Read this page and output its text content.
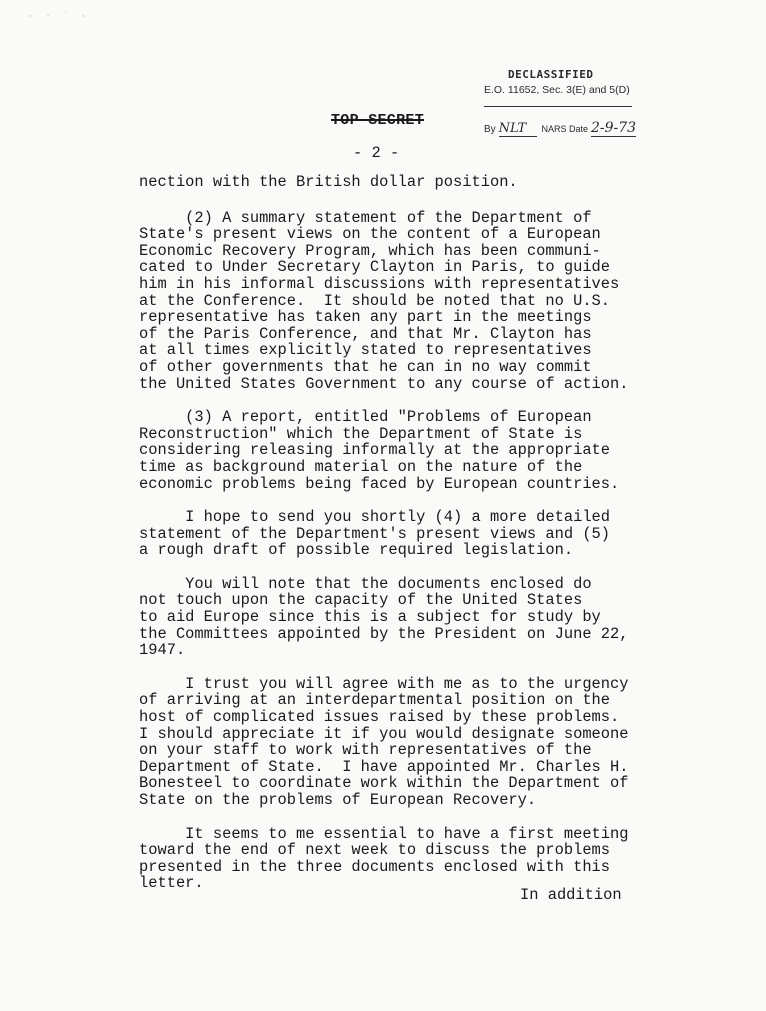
· · ˙ ·
DECLASSIFIED
E.O. 11652, Sec. 3(E) and 5(D)
By NLT NARS Date 2-9-73
TOP SECRET
- 2 -
nection with the British dollar position.
(2) A summary statement of the Department of
State's present views on the content of a European
Economic Recovery Program, which has been communi-
cated to Under Secretary Clayton in Paris, to guide
him in his informal discussions with representatives
at the Conference.  It should be noted that no U.S.
representative has taken any part in the meetings
of the Paris Conference, and that Mr. Clayton has
at all times explicitly stated to representatives
of other governments that he can in no way commit
the United States Government to any course of action.
(3) A report, entitled "Problems of European
Reconstruction" which the Department of State is
considering releasing informally at the appropriate
time as background material on the nature of the
economic problems being faced by European countries.
I hope to send you shortly (4) a more detailed
statement of the Department's present views and (5)
a rough draft of possible required legislation.
You will note that the documents enclosed do
not touch upon the capacity of the United States
to aid Europe since this is a subject for study by
the Committees appointed by the President on June 22,
1947.
I trust you will agree with me as to the urgency
of arriving at an interdepartmental position on the
host of complicated issues raised by these problems.
I should appreciate it if you would designate someone
on your staff to work with representatives of the
Department of State.  I have appointed Mr. Charles H.
Bonesteel to coordinate work within the Department of
State on the problems of European Recovery.
It seems to me essential to have a first meeting
toward the end of next week to discuss the problems
presented in the three documents enclosed with this
letter.
In addition
